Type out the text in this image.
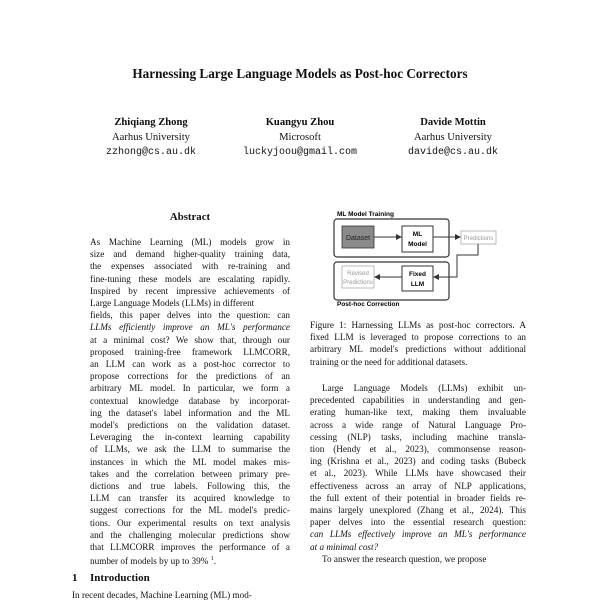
Harnessing Large Language Models as Post-hoc Correctors
Zhiqiang Zhong
Aarhus University
zzhong@cs.au.dk
Kuangyu Zhou
Microsoft
luckyjoou@gmail.com
Davide Mottin
Aarhus University
davide@cs.au.dk
Abstract
As Machine Learning (ML) models grow in
size and demand higher-quality training data,
the expenses associated with re-training and
fine-tuning these models are escalating rapidly.
Inspired by recent impressive achievements of
Large Language Models (LLMs) in different
fields, this paper delves into the question: can
LLMs efficiently improve an ML's performance
at a minimal cost? We show that, through our
proposed training-free framework LLMCORR,
an LLM can work as a post-hoc corrector to
propose corrections for the predictions of an
arbitrary ML model. In particular, we form a
contextual knowledge database by incorporat-
ing the dataset's label information and the ML
model's predictions on the validation dataset.
Leveraging the in-context learning capability
of LLMs, we ask the LLM to summarise the
instances in which the ML model makes mis-
takes and the correlation between primary pre-
dictions and true labels. Following this, the
LLM can transfer its acquired knowledge to
suggest corrections for the ML model's predic-
tions. Our experimental results on text analysis
and the challenging molecular predictions show
that LLMCORR improves the performance of a
number of models by up to 39% $^1$.
1 Introduction
In recent decades, Machine Learning (ML) mod-
Dataset
ML
Model
Predictions
ML Model Training
Revised
Predictions
Fixed
LLM
Post-hoc Correction
Figure 1: Harnessing LLMs as post-hoc correctors. A
fixed LLM is leveraged to propose corrections to an
arbitrary ML model's predictions without additional
training or the need for additional datasets.
Large Language Models (LLMs) exhibit un-
precedented capabilities in understanding and gen-
erating human-like text, making them invaluable
across a wide range of Natural Language Pro-
cessing (NLP) tasks, including machine transla-
tion (Hendy et al., 2023), commonsense reason-
ing (Krishna et al., 2023) and coding tasks (Bubeck
et al., 2023). While LLMs have showcased their
effectiveness across an array of NLP applications,
the full extent of their potential in broader fields re-
mains largely unexplored (Zhang et al., 2024). This
paper delves into the essential research question:
can LLMs effectively improve an ML's performance
at a minimal cost?
To answer the research question, we propose
